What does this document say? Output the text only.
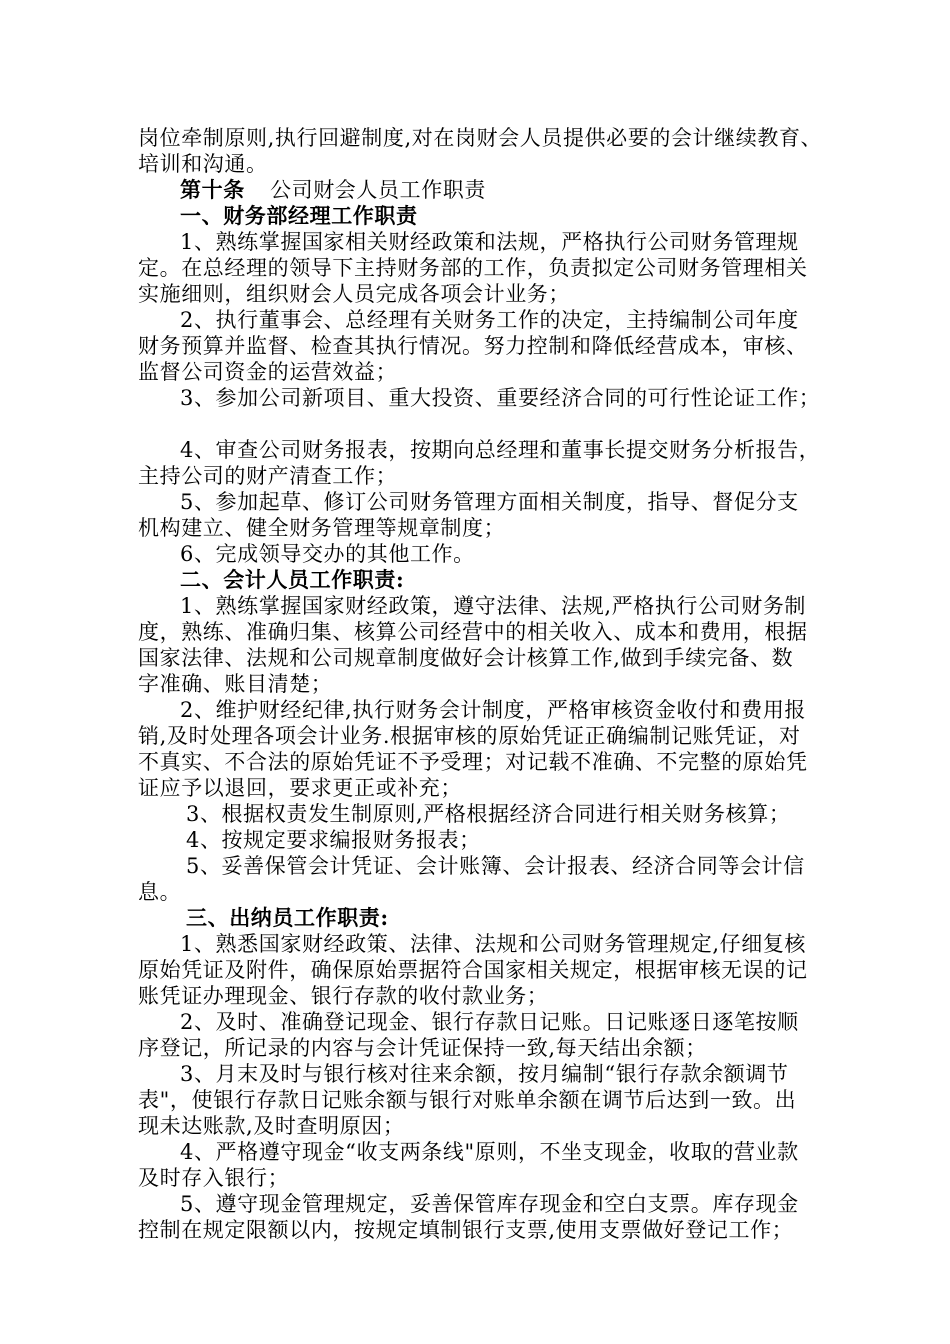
岗位牵制原则,执行回避制度,对在岗财会人员提供必要的会计继续教育、
培训和沟通。
第十条 公司财会人员工作职责
一、财务部经理工作职责
1、熟练掌握国家相关财经政策和法规，严格执行公司财务管理规
定。在总经理的领导下主持财务部的工作，负责拟定公司财务管理相关
实施细则，组织财会人员完成各项会计业务；
2、执行董事会、总经理有关财务工作的决定，主持编制公司年度
财务预算并监督、检查其执行情况。努力控制和降低经营成本，审核、
监督公司资金的运营效益；
3、参加公司新项目、重大投资、重要经济合同的可行性论证工作；
4、审查公司财务报表，按期向总经理和董事长提交财务分析报告，
主持公司的财产清查工作；
5、参加起草、修订公司财务管理方面相关制度，指导、督促分支
机构建立、健全财务管理等规章制度；
6、完成领导交办的其他工作。
二、会计人员工作职责:
1、熟练掌握国家财经政策，遵守法律、法规,严格执行公司财务制
度，熟练、准确归集、核算公司经营中的相关收入、成本和费用，根据
国家法律、法规和公司规章制度做好会计核算工作,做到手续完备、数
字准确、账目清楚；
2、维护财经纪律,执行财务会计制度，严格审核资金收付和费用报
销,及时处理各项会计业务.根据审核的原始凭证正确编制记账凭证，对
不真实、不合法的原始凭证不予受理；对记载不准确、不完整的原始凭
证应予以退回，要求更正或补充；
3、根据权责发生制原则,严格根据经济合同进行相关财务核算；
4、按规定要求编报财务报表；
5、妥善保管会计凭证、会计账簿、会计报表、经济合同等会计信
息。
三、出纳员工作职责:
1、熟悉国家财经政策、法律、法规和公司财务管理规定,仔细复核
原始凭证及附件，确保原始票据符合国家相关规定，根据审核无误的记
账凭证办理现金、银行存款的收付款业务；
2、及时、准确登记现金、银行存款日记账。日记账逐日逐笔按顺
序登记，所记录的内容与会计凭证保持一致,每天结出余额；
3、月末及时与银行核对往来余额，按月编制“银行存款余额调节
表"，使银行存款日记账余额与银行对账单余额在调节后达到一致。出
现未达账款,及时查明原因；
4、严格遵守现金“收支两条线"原则，不坐支现金，收取的营业款
及时存入银行；
5、遵守现金管理规定，妥善保管库存现金和空白支票。库存现金
控制在规定限额以内，按规定填制银行支票,使用支票做好登记工作；
